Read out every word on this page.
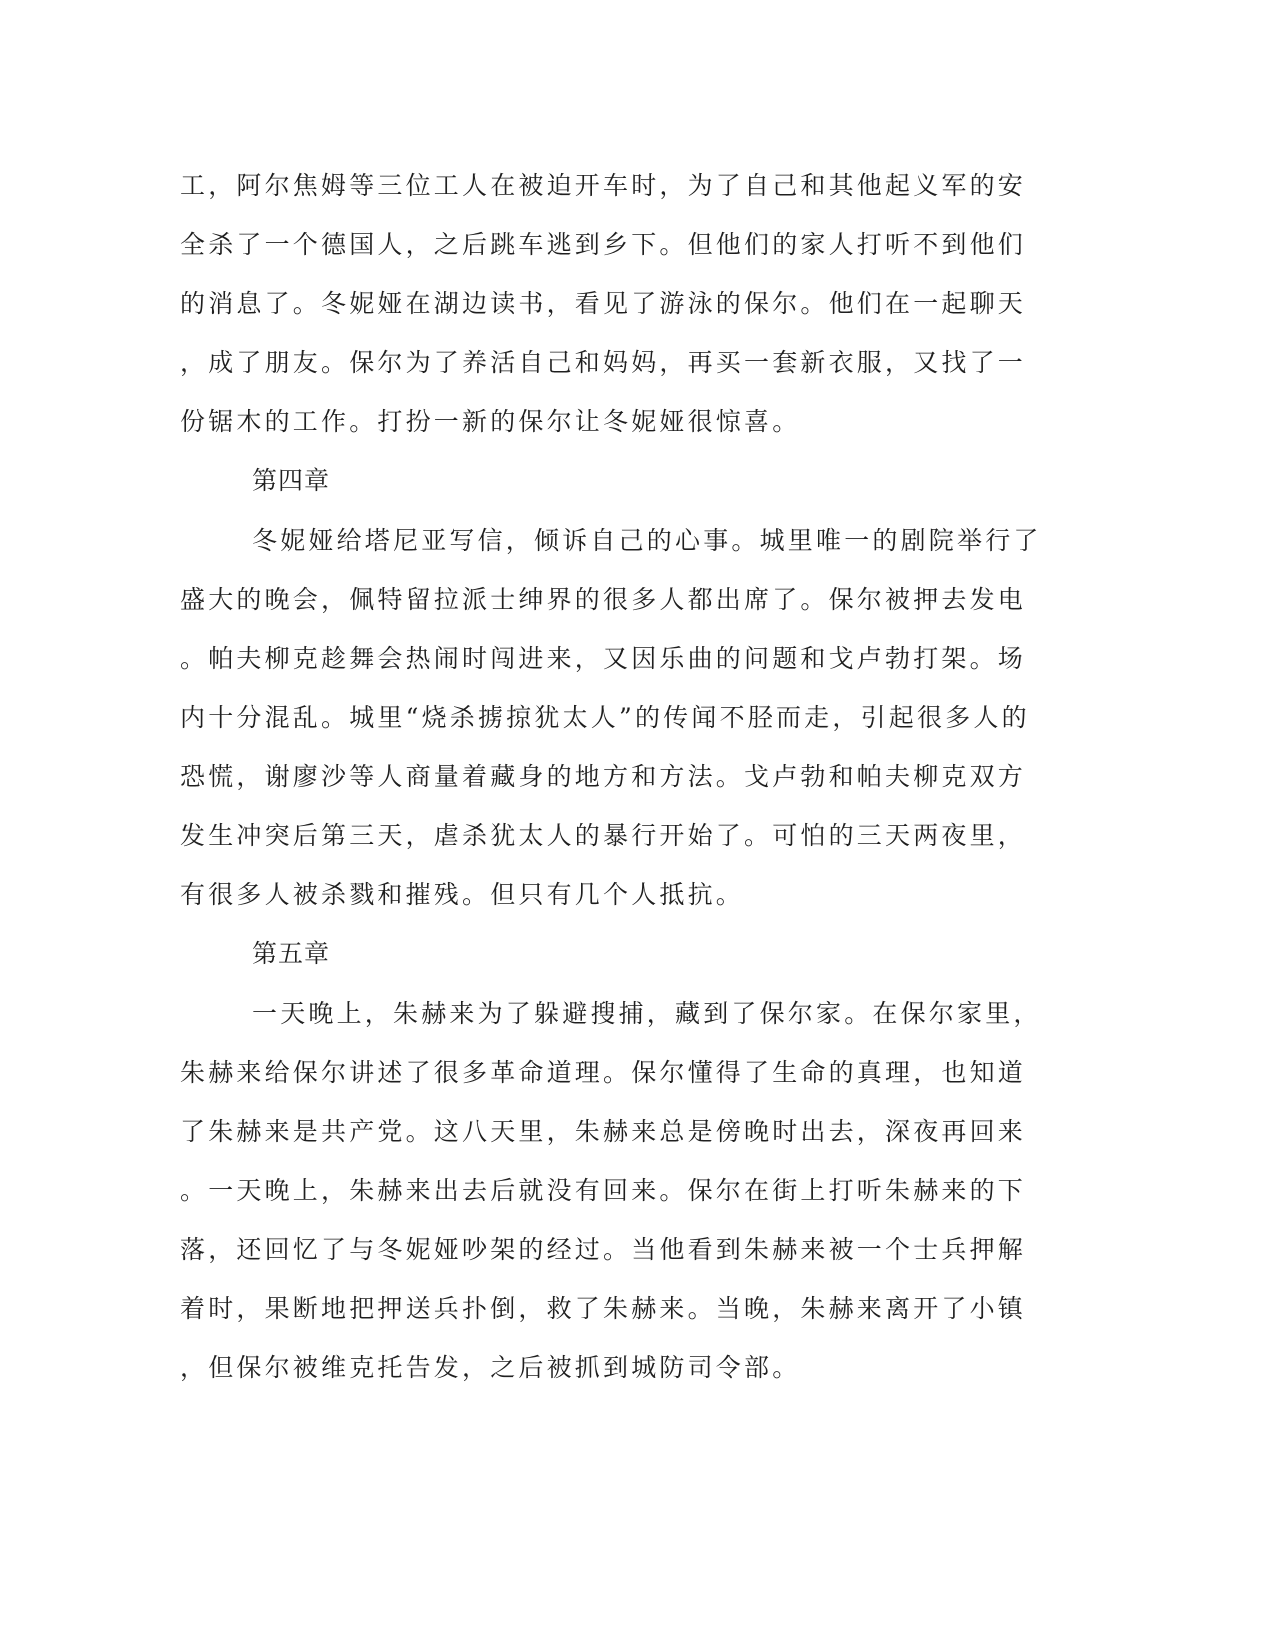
工，阿尔焦姆等三位工人在被迫开车时，为了自己和其他起义军的安
全杀了一个德国人，之后跳车逃到乡下。但他们的家人打听不到他们
的消息了。冬妮娅在湖边读书，看见了游泳的保尔。他们在一起聊天
，成了朋友。保尔为了养活自己和妈妈，再买一套新衣服，又找了一
份锯木的工作。打扮一新的保尔让冬妮娅很惊喜。
第四章
冬妮娅给塔尼亚写信，倾诉自己的心事。城里唯一的剧院举行了
盛大的晚会，佩特留拉派士绅界的很多人都出席了。保尔被押去发电
。帕夫柳克趁舞会热闹时闯进来，又因乐曲的问题和戈卢勃打架。场
内十分混乱。城里“烧杀掳掠犹太人”的传闻不胫而走，引起很多人的
恐慌，谢廖沙等人商量着藏身的地方和方法。戈卢勃和帕夫柳克双方
发生冲突后第三天，虐杀犹太人的暴行开始了。可怕的三天两夜里，
有很多人被杀戮和摧残。但只有几个人抵抗。
第五章
一天晚上，朱赫来为了躲避搜捕，藏到了保尔家。在保尔家里，
朱赫来给保尔讲述了很多革命道理。保尔懂得了生命的真理，也知道
了朱赫来是共产党。这八天里，朱赫来总是傍晚时出去，深夜再回来
。一天晚上，朱赫来出去后就没有回来。保尔在街上打听朱赫来的下
落，还回忆了与冬妮娅吵架的经过。当他看到朱赫来被一个士兵押解
着时，果断地把押送兵扑倒，救了朱赫来。当晚，朱赫来离开了小镇
，但保尔被维克托告发，之后被抓到城防司令部。
